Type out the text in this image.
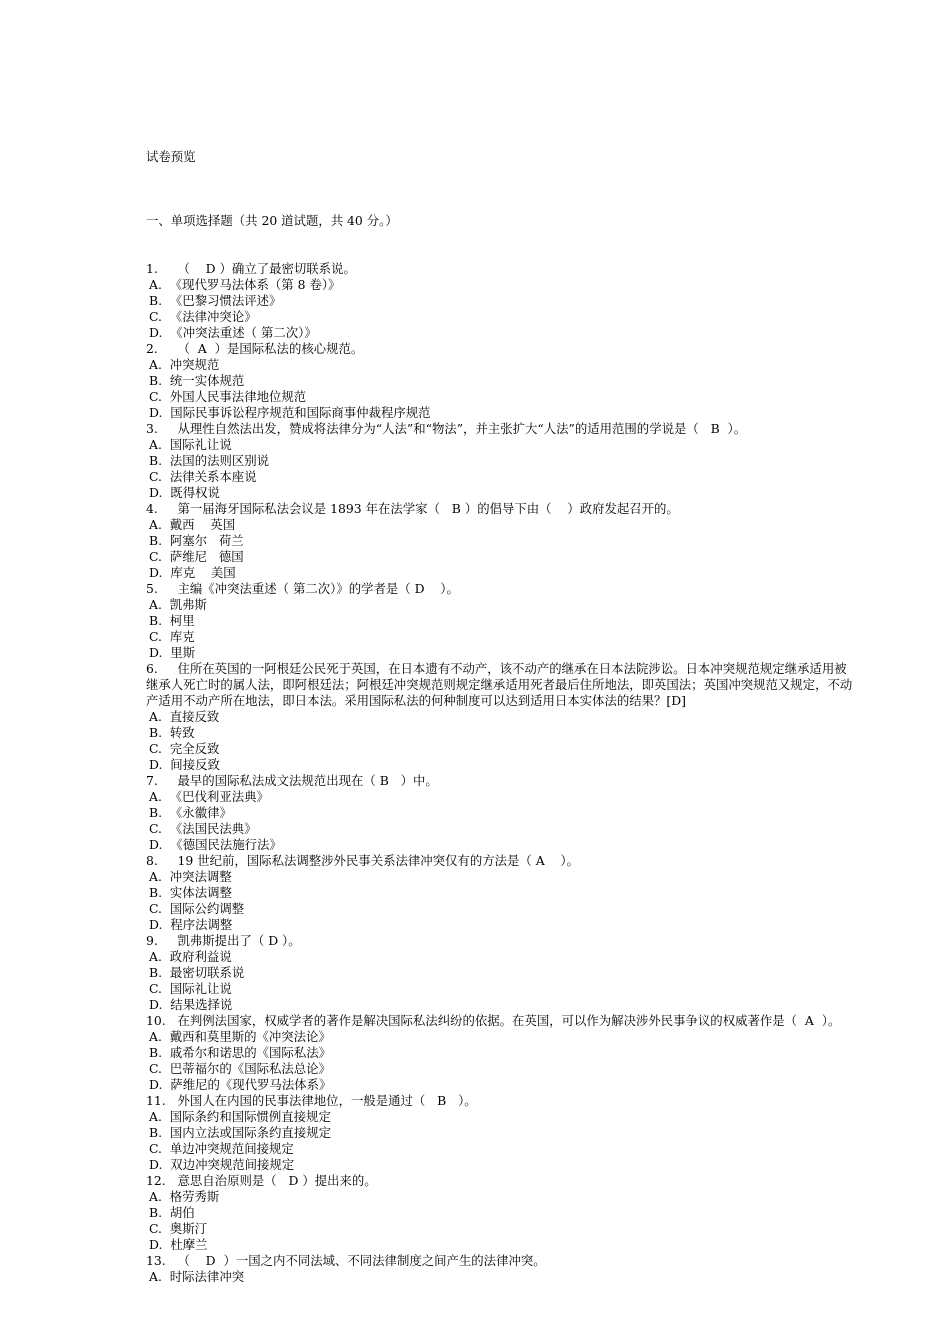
试卷预览

一、单项选择题（共 20 道试题，共 40 分。）

1.	（    D ）确立了最密切联系说。
A.  《现代罗马法体系（第 8 卷）》
B.  《巴黎习惯法评述》
C.  《法律冲突论》
D.  《冲突法重述（ 第二次）》
2.	（  A  ）是国际私法的核心规范。
A.  冲突规范
B.  统一实体规范
C.  外国人民事法律地位规范
D.  国际民事诉讼程序规范和国际商事仲裁程序规范
3.	从理性自然法出发，赞成将法律分为“人法”和“物法”，并主张扩大“人法”的适用范围的学说是（   B  ）。
A.  国际礼让说
B.  法国的法则区别说
C.  法律关系本座说
D.  既得权说
4.	第一届海牙国际私法会议是 1893 年在法学家（   B ）的倡导下由（    ）政府发起召开的。
A.  戴西    英国
B.  阿塞尔   荷兰
C.  萨维尼   德国
D.  库克    美国
5.	主编《冲突法重述（ 第二次）》的学者是（ D    ）。
A.  凯弗斯
B.  柯里
C.  库克
D.  里斯
6.	住所在英国的一阿根廷公民死于英国，在日本遗有不动产，该不动产的继承在日本法院涉讼。日本冲突规范规定继承适用被继承人死亡时的属人法，即阿根廷法；阿根廷冲突规范则规定继承适用死者最后住所地法，即英国法；英国冲突规范又规定，不动产适用不动产所在地法，即日本法。采用国际私法的何种制度可以达到适用日本实体法的结果？[D]
A.  直接反致
B.  转致
C.  完全反致
D.  间接反致
7.	最早的国际私法成文法规范出现在（ B   ）中。
A.  《巴伐利亚法典》
B.  《永徽律》
C.  《法国民法典》
D.  《德国民法施行法》
8.	19 世纪前，国际私法调整涉外民事关系法律冲突仅有的方法是（ A    ）。
A.  冲突法调整
B.  实体法调整
C.  国际公约调整
D.  程序法调整
9.	凯弗斯提出了（ D ）。
A.  政府利益说
B.  最密切联系说
C.  国际礼让说
D.  结果选择说
10.	在判例法国家，权威学者的著作是解决国际私法纠纷的依据。在英国，可以作为解决涉外民事争议的权威著作是（  A  ）。
A.  戴西和莫里斯的《冲突法论》
B.  戚希尔和诺思的《国际私法》
C.  巴蒂福尔的《国际私法总论》
D.  萨维尼的《现代罗马法体系》
11.	外国人在内国的民事法律地位，一般是通过（   B   ）。
A.  国际条约和国际惯例直接规定
B.  国内立法或国际条约直接规定
C.  单边冲突规范间接规定
D.  双边冲突规范间接规定
12.	意思自治原则是（   D ）提出来的。
A.  格劳秀斯
B.  胡伯
C.  奥斯汀
D.  杜摩兰
13.	（    D  ）一国之内不同法域、不同法律制度之间产生的法律冲突。
A.  时际法律冲突
